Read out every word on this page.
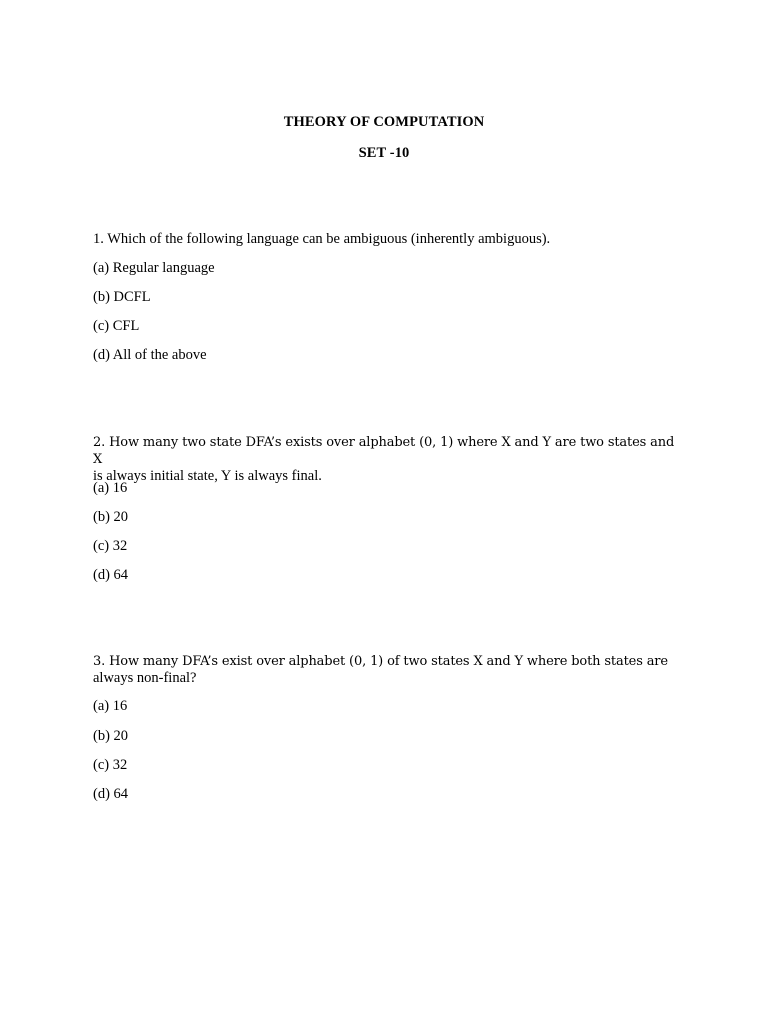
THEORY OF COMPUTATION
SET -10

1. Which of the following language can be ambiguous (inherently ambiguous).

(a) Regular language
(b) DCFL
(c) CFL
(d) All of the above
2. How many two state DFA’s exists over alphabet (0, 1) where X and Y are two states and X
is always initial state, Y is always final.
(a) 16
(b) 20
(c) 32
(d) 64
3. How many DFA’s exist over alphabet (0, 1) of two states X and Y where both states are
always non-final?
(a) 16
(b) 20
(c) 32
(d) 64
